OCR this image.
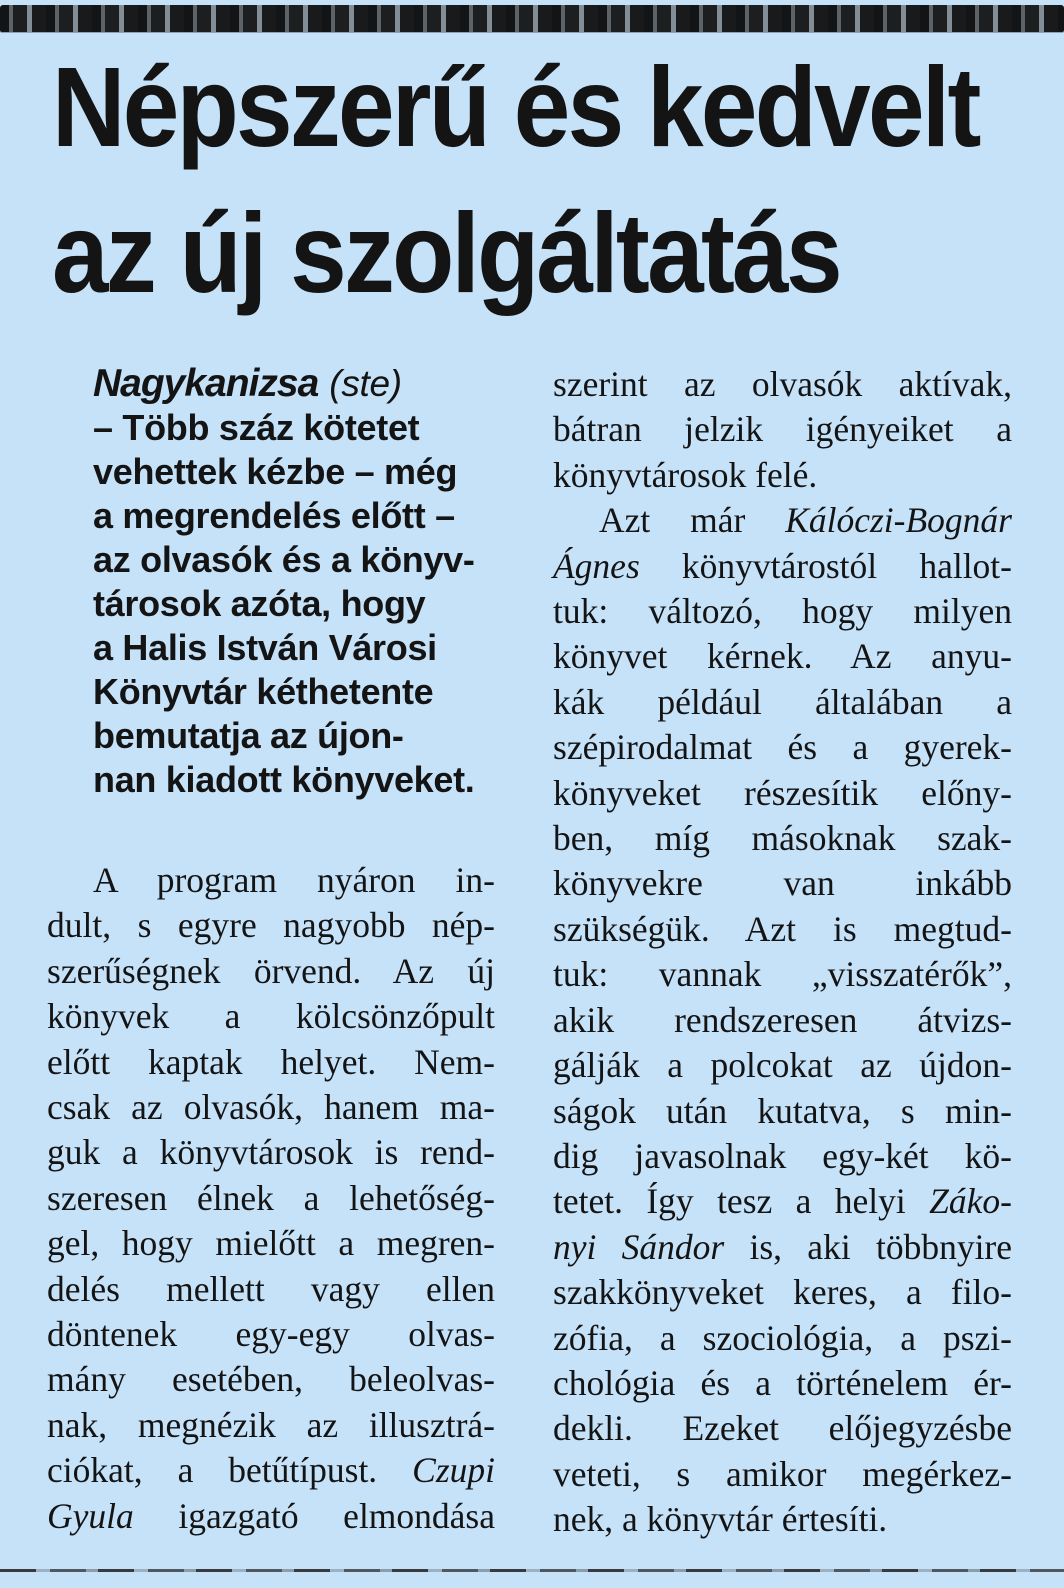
Népszerű és kedvelt
az új szolgáltatás
Nagykanizsa (ste)
– Több száz kötetet
vehettek kézbe – még
a megrendelés előtt –
az olvasók és a könyv-
tárosok azóta, hogy
a Halis István Városi
Könyvtár kéthetente
bemutatja az újon-
nan kiadott könyveket.
A program nyáron in-
dult, s egyre nagyobb nép-
szerűségnek örvend. Az új
könyvek a kölcsönzőpult
előtt kaptak helyet. Nem-
csak az olvasók, hanem ma-
guk a könyvtárosok is rend-
szeresen élnek a lehetőség-
gel, hogy mielőtt a megren-
delés mellett vagy ellen
döntenek egy-egy olvas-
mány esetében, beleolvas-
nak, megnézik az illusztrá-
ciókat, a betűtípust. Czupi
Gyula igazgató elmondása
szerint az olvasók aktívak,
bátran jelzik igényeiket a
könyvtárosok felé.
Azt már Kálóczi-Bognár
Ágnes könyvtárostól hallot-
tuk: változó, hogy milyen
könyvet kérnek. Az anyu-
kák például általában a
szépirodalmat és a gyerek-
könyveket részesítik előny-
ben, míg másoknak szak-
könyvekre van inkább
szükségük. Azt is megtud-
tuk: vannak „visszatérők”,
akik rendszeresen átvizs-
gálják a polcokat az újdon-
ságok után kutatva, s min-
dig javasolnak egy-két kö-
tetet. Így tesz a helyi Záko-
nyi Sándor is, aki többnyire
szakkönyveket keres, a filo-
zófia, a szociológia, a pszi-
chológia és a történelem ér-
dekli. Ezeket előjegyzésbe
veteti, s amikor megérkez-
nek, a könyvtár értesíti.
